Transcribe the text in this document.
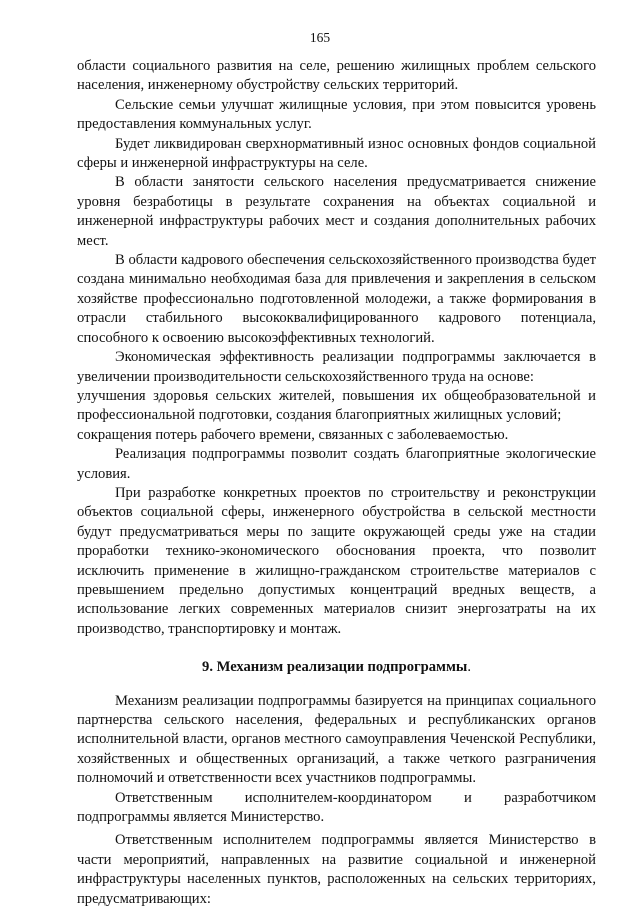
165

области социального развития на селе, решению жилищных проблем сельского населения, инженерному обустройству сельских территорий.

Сельские семьи улучшат жилищные условия, при этом повысится уровень предоставления коммунальных услуг.

Будет ликвидирован сверхнормативный износ основных фондов социальной сферы и инженерной инфраструктуры на селе.

В области занятости сельского населения предусматривается снижение уровня безработицы в результате сохранения на объектах социальной и инженерной инфраструктуры рабочих мест и создания дополнительных рабочих мест.

В области кадрового обеспечения сельскохозяйственного производства будет создана минимально необходимая база для привлечения и закрепления в сельском хозяйстве профессионально подготовленной молодежи, а также формирования в отрасли стабильного высококвалифицированного кадрового потенциала, способного к освоению высокоэффективных технологий.

Экономическая эффективность реализации подпрограммы заключается в увеличении производительности сельскохозяйственного труда на основе:

улучшения здоровья сельских жителей, повышения их общеобразовательной и профессиональной подготовки, создания благоприятных жилищных условий;

сокращения потерь рабочего времени, связанных с заболеваемостью.

Реализация подпрограммы позволит создать благоприятные экологические условия.

При разработке конкретных проектов по строительству и реконструкции объектов социальной сферы, инженерного обустройства в сельской местности будут предусматриваться меры по защите окружающей среды уже на стадии проработки технико-экономического обоснования проекта, что позволит исключить применение в жилищно-гражданском строительстве материалов с превышением предельно допустимых концентраций вредных веществ, а использование легких современных материалов снизит энергозатраты на их производство, транспортировку и монтаж.

9. Механизм реализации подпрограммы.

Механизм реализации подпрограммы базируется на принципах социального партнерства сельского населения, федеральных и республиканских органов исполнительной власти, органов местного самоуправления Чеченской Республики, хозяйственных и общественных организаций, а также четкого разграничения полномочий и ответственности всех участников подпрограммы.

Ответственным исполнителем-координатором и разработчиком подпрограммы является Министерство.

Ответственным исполнителем подпрограммы является Министерство в части мероприятий, направленных на развитие социальной и инженерной инфраструктуры населенных пунктов, расположенных на сельских территориях, предусматривающих:
